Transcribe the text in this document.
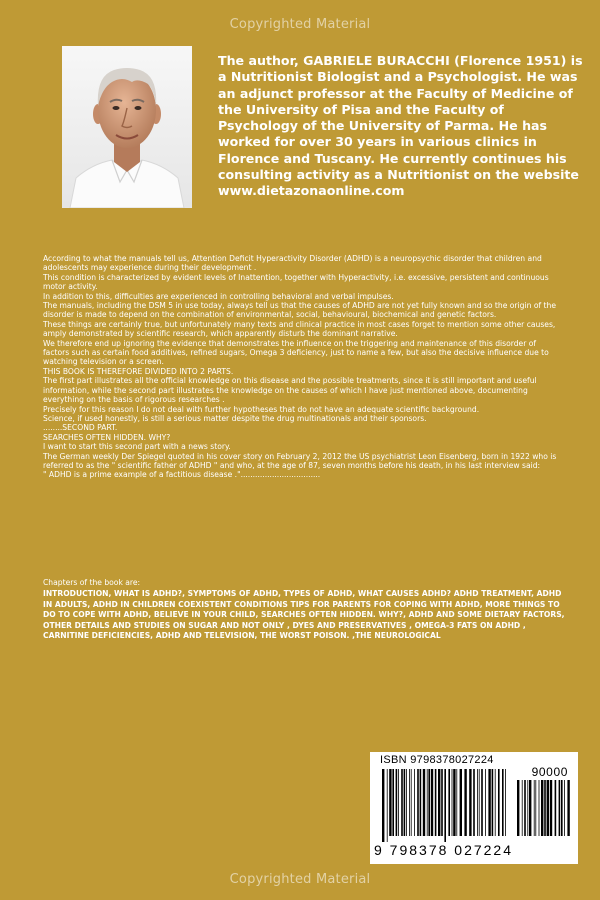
Copyrighted Material
The author, GABRIELE BURACCHI (Florence 1951) is a Nutritionist Biologist and a Psychologist. He was an adjunct professor at the Faculty of Medicine of the University of Pisa and the Faculty of Psychology of the University of Parma. He has worked for over 30 years in various clinics in Florence and Tuscany. He currently continues his consulting activity as a Nutritionist on the website www.dietazonaonline.com

According to what the manuals tell us, Attention Deficit Hyperactivity Disorder (ADHD) is a neuropsychic disorder that children and adolescents may experience during their development .

This condition is characterized by evident levels of Inattention, together with Hyperactivity, i.e. excessive, persistent and continuous motor activity.

In addition to this, difficulties are experienced in controlling behavioral and verbal impulses.

The manuals, including the DSM 5 in use today, always tell us that the causes of ADHD are not yet fully known and so the origin of the disorder is made to depend on the combination of environmental, social, behavioural, biochemical and genetic factors.

These things are certainly true, but unfortunately many texts and clinical practice in most cases forget to mention some other causes, amply demonstrated by scientific research, which apparently disturb the dominant narrative.

We therefore end up ignoring the evidence that demonstrates the influence on the triggering and maintenance of this disorder of factors such as certain food additives, refined sugars, Omega 3 deficiency, just to name a few, but also the decisive influence due to watching television or a screen.

THIS BOOK IS THEREFORE DIVIDED INTO 2 PARTS.

The first part illustrates all the official knowledge on this disease and the possible treatments, since it is still important and useful information, while the second part illustrates the knowledge on the causes of which I have just mentioned above, documenting everything on the basis of rigorous researches .

Precisely for this reason I do not deal with further hypotheses that do not have an adequate scientific background.

Science, if used honestly, is still a serious matter despite the drug multinationals and their sponsors.

........SECOND PART.

SEARCHES OFTEN HIDDEN. WHY?

I want to start this second part with a news story.

The German weekly Der Spiegel quoted in his cover story on February 2, 2012 the US psychiatrist Leon Eisenberg, born in 1922 who is referred to as the " scientific father of ADHD " and who, at the age of 87, seven months before his death, in his last interview said:

" ADHD is a prime example of a factitious disease .".................................

Chapters of the book are:

INTRODUCTION, WHAT IS ADHD?, SYMPTOMS OF ADHD, TYPES OF ADHD, WHAT CAUSES ADHD? ADHD TREATMENT, ADHD IN ADULTS, ADHD IN CHILDREN COEXISTENT CONDITIONS TIPS FOR PARENTS FOR COPING WITH ADHD, MORE THINGS TO DO TO COPE WITH ADHD, BELIEVE IN YOUR CHILD, SEARCHES OFTEN HIDDEN. WHY?, ADHD AND SOME DIETARY FACTORS, OTHER DETAILS AND STUDIES ON SUGAR AND NOT ONLY , DYES AND PRESERVATIVES , OMEGA-3 FATS ON ADHD , CARNITINE DEFICIENCIES, ADHD AND TELEVISION, THE WORST POISON. ,THE NEUROLOGICAL

ISBN 9798378027224
90000
9 798378 027224
Copyrighted Material
